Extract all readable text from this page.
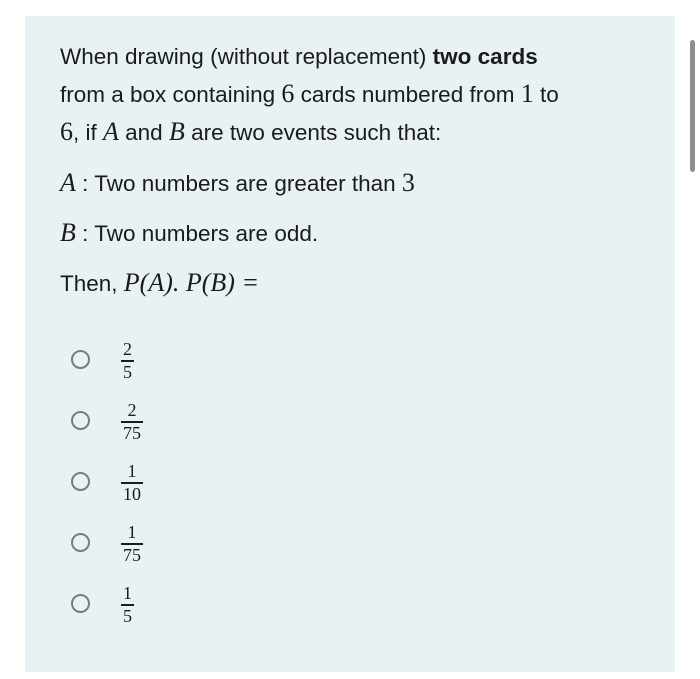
When drawing (without replacement) two cards
from a box containing 6 cards numbered from 1 to
6, if A and B are two events such that:

A : Two numbers are greater than 3

B : Two numbers are odd.

Then, P(A). P(B) =

2
5
2
75
1
10
1
75
1
5
